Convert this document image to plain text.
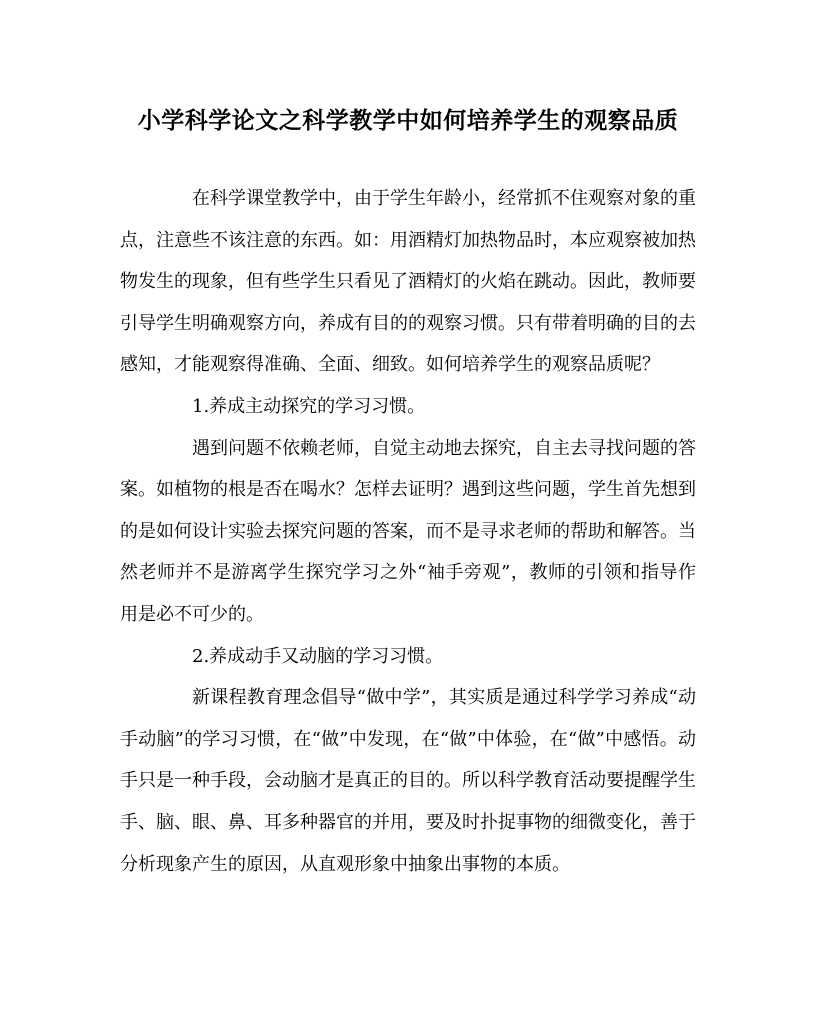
小学科学论文之科学教学中如何培养学生的观察品质

在科学课堂教学中，由于学生年龄小，经常抓不住观察对象的重点，注意些不该注意的东西。如：用酒精灯加热物品时，本应观察被加热物发生的现象，但有些学生只看见了酒精灯的火焰在跳动。因此，教师要引导学生明确观察方向，养成有目的的观察习惯。只有带着明确的目的去感知，才能观察得准确、全面、细致。如何培养学生的观察品质呢？

1.养成主动探究的学习习惯。

遇到问题不依赖老师，自觉主动地去探究，自主去寻找问题的答案。如植物的根是否在喝水？怎样去证明？遇到这些问题，学生首先想到的是如何设计实验去探究问题的答案，而不是寻求老师的帮助和解答。当然老师并不是游离学生探究学习之外“袖手旁观”，教师的引领和指导作用是必不可少的。

2.养成动手又动脑的学习习惯。

新课程教育理念倡导“做中学”，其实质是通过科学学习养成“动手动脑”的学习习惯，在“做”中发现，在“做”中体验，在“做”中感悟。动手只是一种手段，会动脑才是真正的目的。所以科学教育活动要提醒学生手、脑、眼、鼻、耳多种器官的并用，要及时扑捉事物的细微变化，善于分析现象产生的原因，从直观形象中抽象出事物的本质。
